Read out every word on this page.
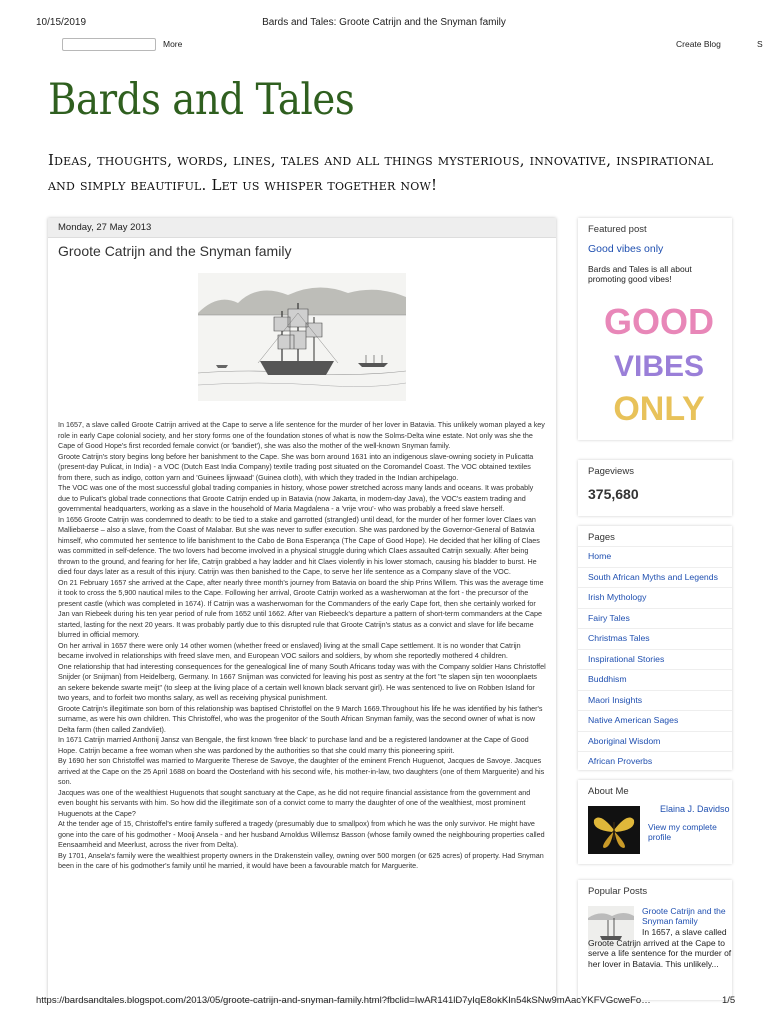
10/15/2019	Bards and Tales: Groote Catrijn and the Snyman family
More	Create Blog	S
Bards and Tales
Ideas, thoughts, words, lines, tales and all things mysterious, innovative, inspirational and simply beautiful. Let us whisper together now!
Monday, 27 May 2013
Groote Catrijn and the Snyman family

In 1657, a slave called Groote Catrijn arrived at the Cape to serve a life sentence for the murder of her lover in Batavia. This unlikely woman played a key role in early Cape colonial society, and her story forms one of the foundation stones of what is now the Solms-Delta wine estate. Not only was she the Cape of Good Hope's first recorded female convict (or 'bandiet'), she was also the mother of the well-known Snyman family.

Groote Catrijn's story begins long before her banishment to the Cape. She was born around 1631 into an indigenous slave-owning society in Pulicatta (present-day Pulicat, in India) - a VOC (Dutch East India Company) textile trading post situated on the Coromandel Coast. The VOC obtained textiles from there, such as indigo, cotton yarn and 'Guinees lijnwaad' (Guinea cloth), with which they traded in the Indian archipelago.

The VOC was one of the most successful global trading companies in history, whose power stretched across many lands and oceans. It was probably due to Pulicat's global trade connections that Groote Catrijn ended up in Batavia (now Jakarta, in modern-day Java), the VOC's eastern trading and governmental headquarters, working as a slave in the household of Maria Magdalena - a 'vrije vrou'- who was probably a freed slave herself.

In 1656 Groote Catrijn was condemned to death: to be tied to a stake and garrotted (strangled) until dead, for the murder of her former lover Claes van Malliebaerse – also a slave, from the Coast of Malabar. But she was never to suffer execution. She was pardoned by the Governor-General of Batavia himself, who commuted her sentence to life banishment to the Cabo de Bona Esperança (The Cape of Good Hope). He decided that her killing of Claes was committed in self-defence. The two lovers had become involved in a physical struggle during which Claes assaulted Catrijn sexually. After being thrown to the ground, and fearing for her life, Catrijn grabbed a hay ladder and hit Claes violently in his lower stomach, causing his bladder to burst. He died four days later as a result of this injury. Catrijn was then banished to the Cape, to serve her life sentence as a Company slave of the VOC.

On 21 February 1657 she arrived at the Cape, after nearly three month's journey from Batavia on board the ship Prins Willem. This was the average time it took to cross the 5,900 nautical miles to the Cape. Following her arrival, Groote Catrijn worked as a washerwoman at the fort - the precursor of the present castle (which was completed in 1674). If Catrijn was a washerwoman for the Commanders of the early Cape fort, then she certainly worked for Jan van Riebeek during his ten year period of rule from 1652 until 1662. After van Riebeeck's departure a pattern of short-term commanders at the Cape started, lasting for the next 20 years. It was probably partly due to this disrupted rule that Groote Catrijn's status as a convict and slave for life became blurred in official memory.

On her arrival in 1657 there were only 14 other women (whether freed or enslaved) living at the small Cape settlement. It is no wonder that Catrijn became involved in relationships with freed slave men, and European VOC sailors and soldiers, by whom she reportedly mothered 4 children.

One relationship that had interesting consequences for the genealogical line of many South Africans today was with the Company soldier Hans Christoffel Snijder (or Snijman) from Heidelberg, Germany. In 1667 Snijman was convicted for leaving his post as sentry at the fort "te slapen sijn ten wooonplaets an sekere bekende swarte meijt" (to sleep at the living place of a certain well known black servant girl). He was sentenced to live on Robben Island for two years, and to forfeit two months salary, as well as receiving physical punishment.

Groote Catrijn's illegitimate son born of this relationship was baptised Christoffel on the 9 March 1669.Throughout his life he was identified by his father's surname, as were his own children. This Christoffel, who was the progenitor of the South African Snyman family, was the second owner of what is now Delta farm (then called Zandvliet).

In 1671 Catrijn married Anthonij Jansz van Bengale, the first known 'free black' to purchase land and be a registered landowner at the Cape of Good Hope. Catrijn became a free woman when she was pardoned by the authorities so that she could marry this pioneering spirit.

By 1690 her son Christoffel was married to Marguerite Therese de Savoye, the daughter of the eminent French Huguenot, Jacques de Savoye. Jacques arrived at the Cape on the 25 April 1688 on board the Oosterland with his second wife, his mother-in-law, two daughters (one of them Marguerite) and his son.

Jacques was one of the wealthiest Huguenots that sought sanctuary at the Cape, as he did not require financial assistance from the government and even bought his servants with him. So how did the illegitimate son of a convict come to marry the daughter of one of the wealthiest, most prominent Huguenots at the Cape?

At the tender age of 15, Christoffel's entire family suffered a tragedy (presumably due to smallpox) from which he was the only survivor. He might have gone into the care of his godmother - Mooij Ansela - and her husband Arnoldus Willemsz Basson (whose family owned the neighbouring properties called Eensaamheid and Meerlust, across the river from Delta).

By 1701, Ansela's family were the wealthiest property owners in the Drakenstein valley, owning over 500 morgen (or 625 acres) of property. Had Snyman been in the care of his godmother's family until he married, it would have been a favourable match for Marguerite.

Featured post
Good vibes only
Bards and Tales is all about promoting good vibes!
GOOD
VIBES
ONLY
Pageviews
375,680
Pages
Home
South African Myths and Legends
Irish Mythology
Fairy Tales
Christmas Tales
Inspirational Stories
Buddhism
Maori Insights
Native American Sages
Aboriginal Wisdom
African Proverbs
About Me
Elaina J. Davidso
View my complete profile
Popular Posts
Groote Catrijn and the Snyman family
In 1657, a slave called Groote Catrijn arrived at the Cape to serve a life sentence for the murder of her lover in Batavia. This unlikely...
https://bardsandtales.blogspot.com/2013/05/groote-catrijn-and-snyman-family.html?fbclid=IwAR141lD7yIqE8okKIn54kSNw9mAacYKFVGcweFo…	1/5
